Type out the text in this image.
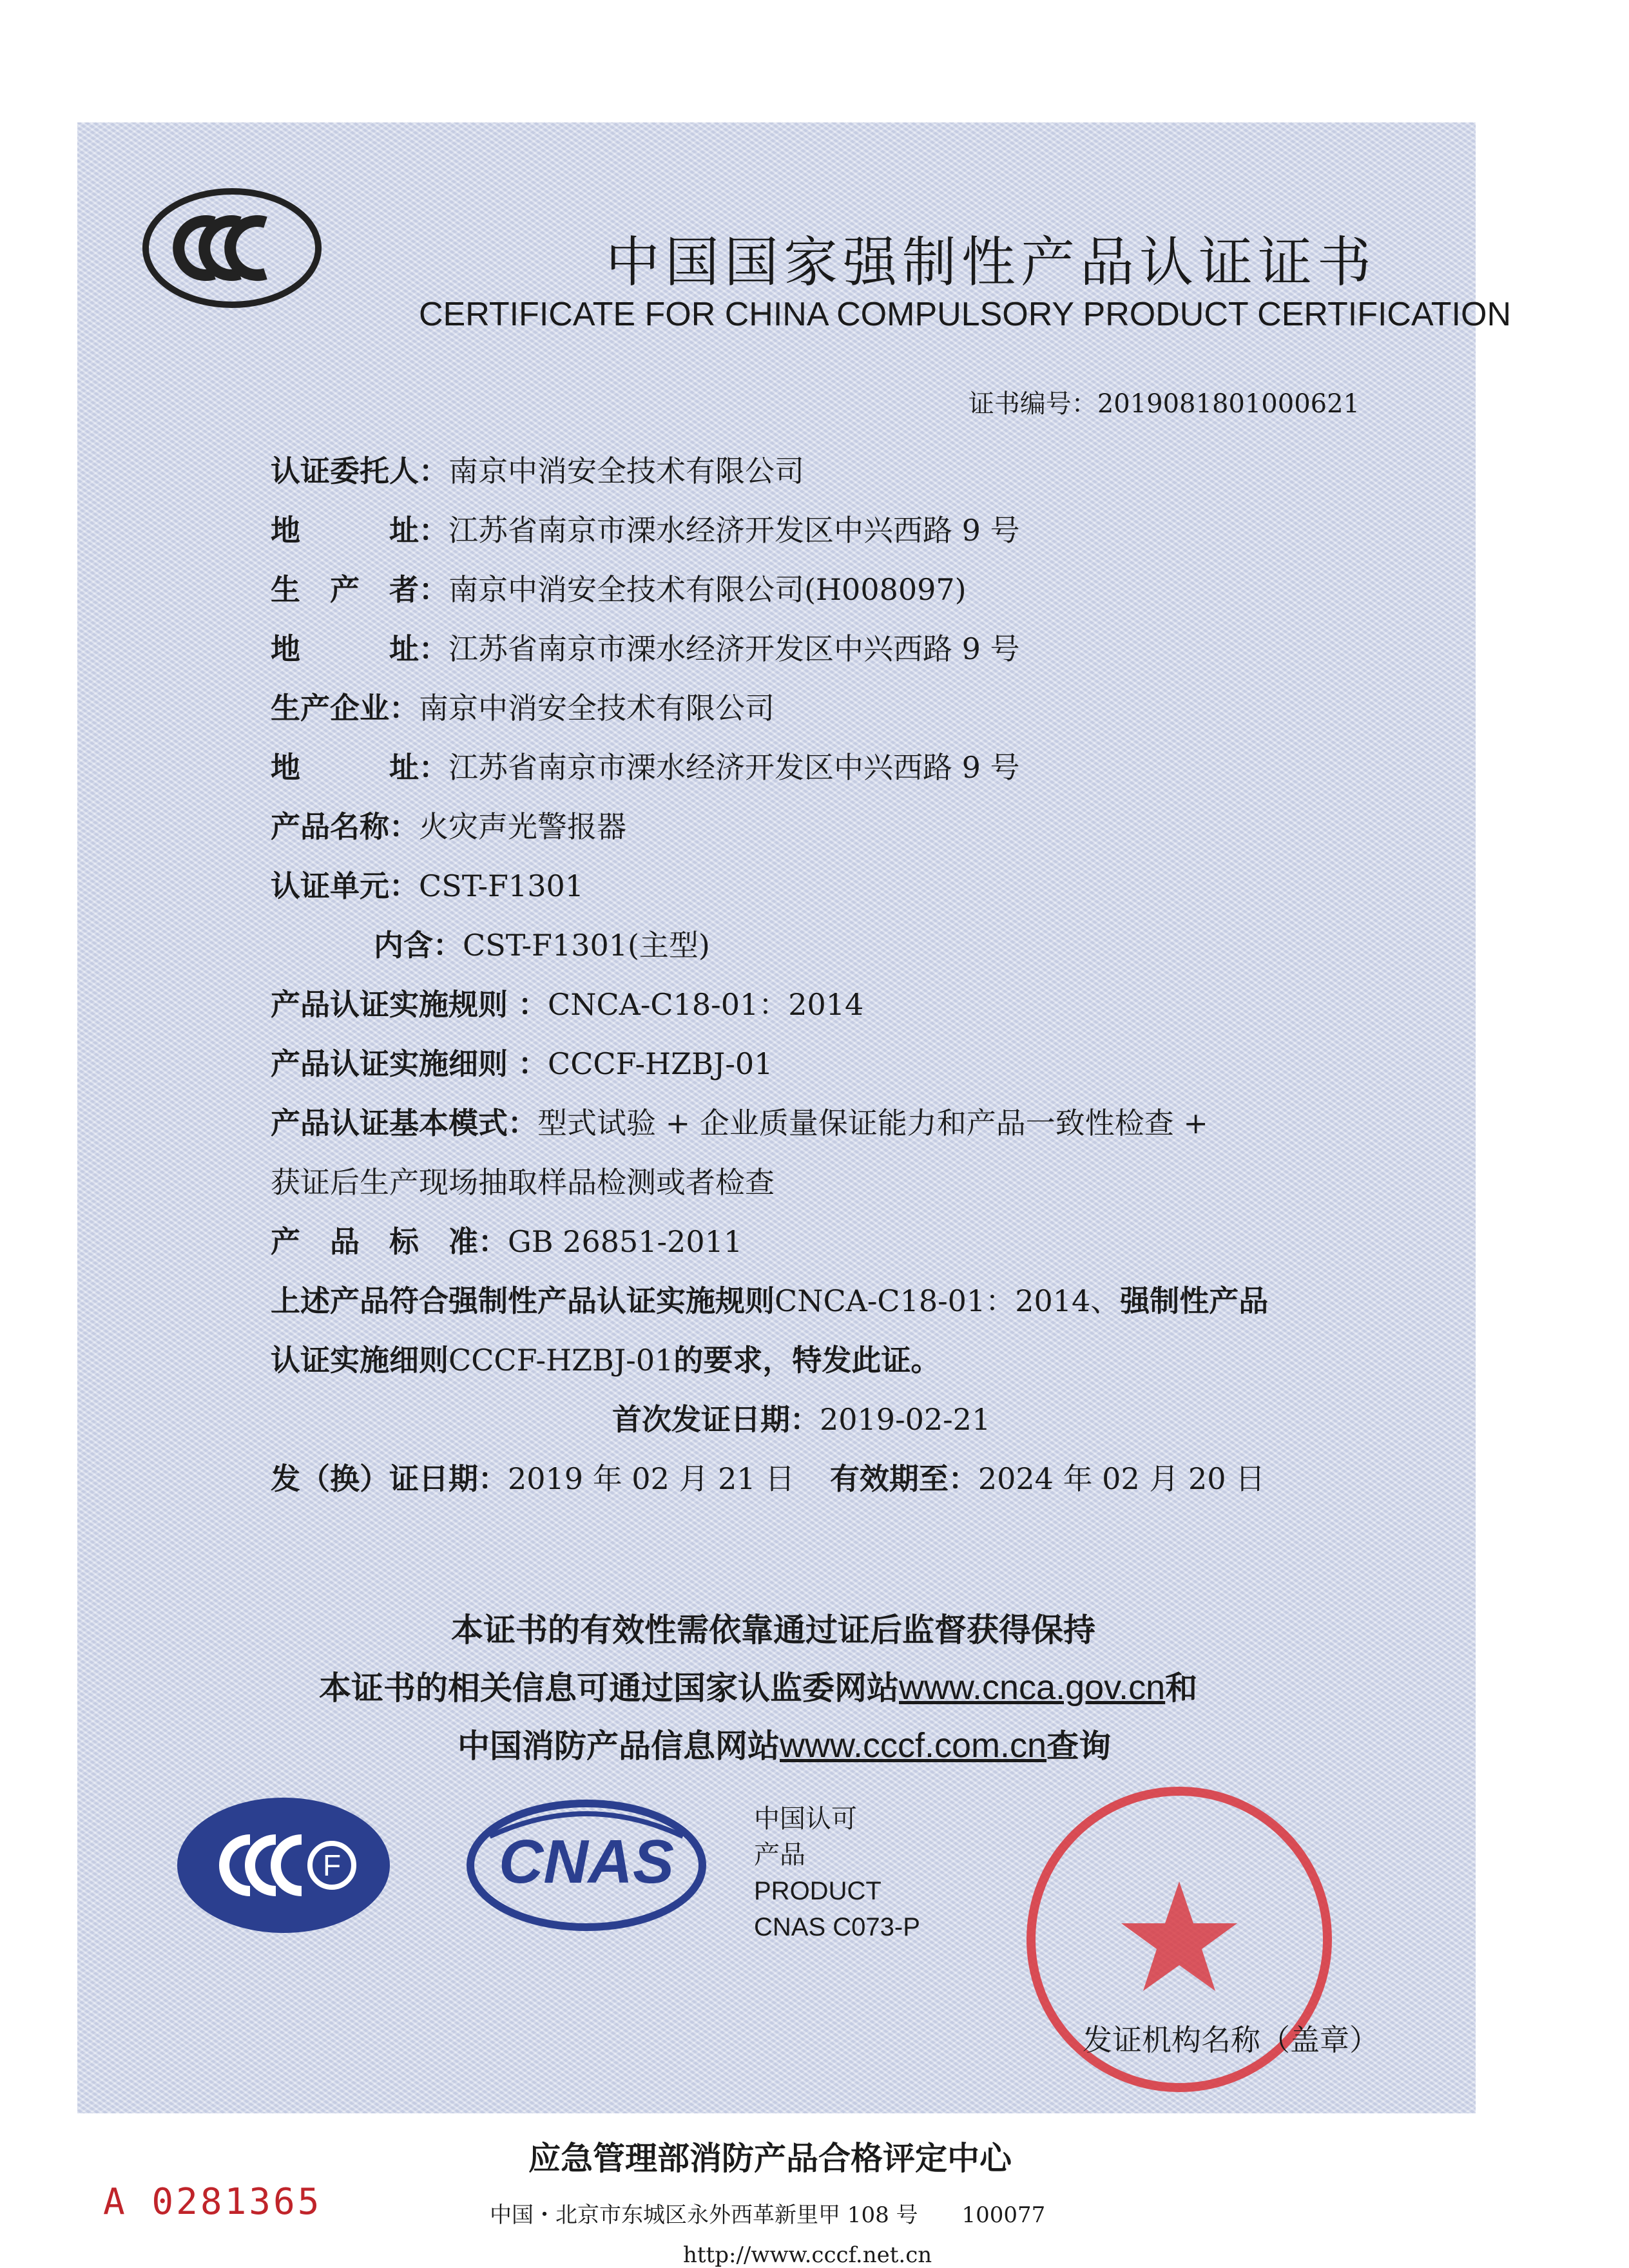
中国国家强制性产品认证证书
CERTIFICATE FOR CHINA COMPULSORY PRODUCT CERTIFICATION
证书编号：2019081801000621
认证委托人：南京中消安全技术有限公司
地　　　址：江苏省南京市溧水经济开发区中兴西路 9 号
生　产　者：南京中消安全技术有限公司(H008097)
地　　　址：江苏省南京市溧水经济开发区中兴西路 9 号
生产企业：南京中消安全技术有限公司
地　　　址：江苏省南京市溧水经济开发区中兴西路 9 号
产品名称：火灾声光警报器
认证单元：CST-F1301
内含：CST-F1301(主型)
产品认证实施规则 ：CNCA-C18-01：2014
产品认证实施细则 ：CCCF-HZBJ-01
产品认证基本模式：型式试验 + 企业质量保证能力和产品一致性检查 +
获证后生产现场抽取样品检测或者检查
产　品　标　准：GB 26851-2011
上述产品符合强制性产品认证实施规则CNCA-C18-01：2014、强制性产品
认证实施细则CCCF-HZBJ-01的要求，特发此证。
首次发证日期：2019-02-21
发（换）证日期：2019 年 02 月 21 日 有效期至：2024 年 02 月 20 日
本证书的有效性需依靠通过证后监督获得保持
本证书的相关信息可通过国家认监委网站www.cnca.gov.cn和
中国消防产品信息网站www.cccf.com.cn查询
F	CNAS
中国认可
产品
PRODUCT
CNAS C073-P
发证机构名称（盖章）
应急管理部消防产品合格评定中心
中国・北京市东城区永外西革新里甲 108 号　　100077
http://www.cccf.net.cn
A 0281365
